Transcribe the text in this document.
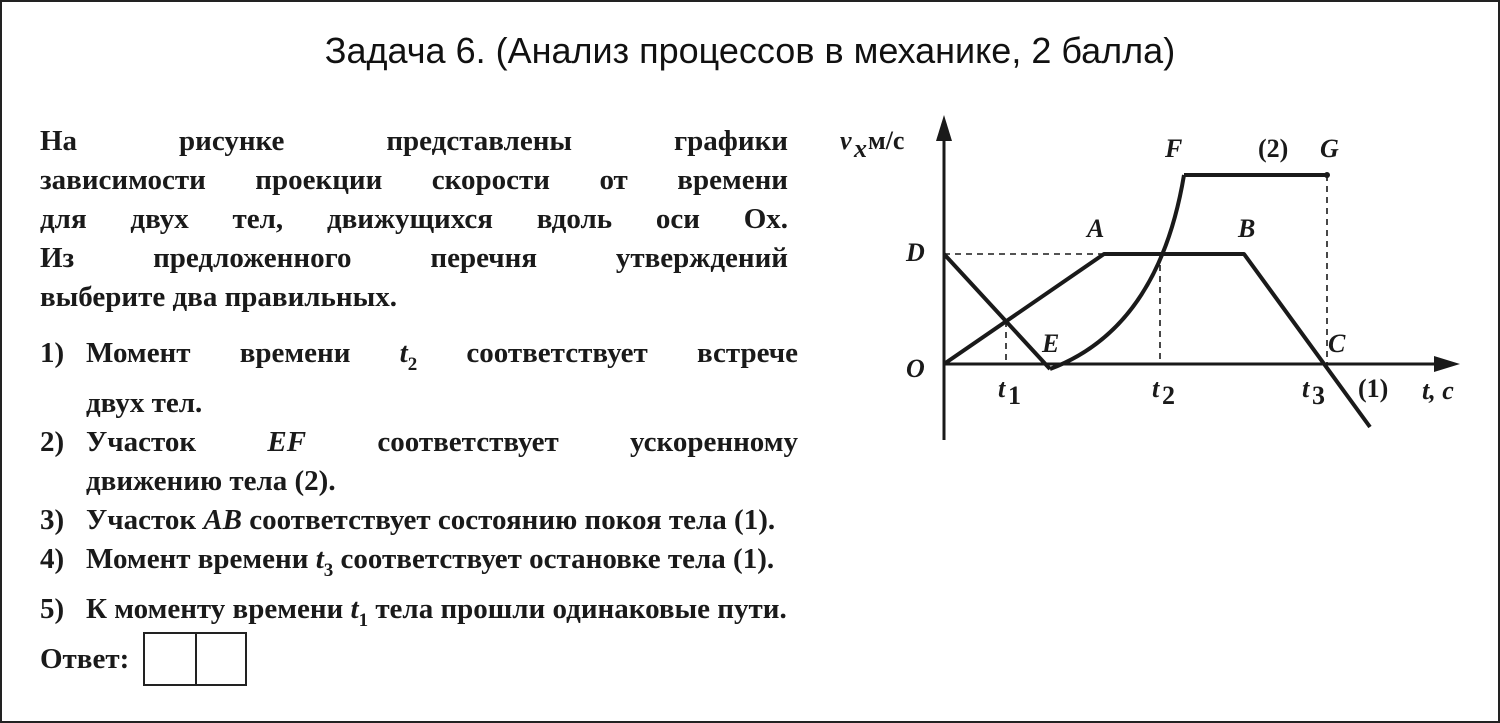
Задача 6. (Анализ процессов в механике, 2 балла)
На рисунке представлены графики
зависимости проекции скорости от времени
для двух тел, движущихся вдоль оси Ox.
Из предложенного перечня утверждений
выберите два правильных.
1) Момент времени $t_2$ соответствует встрече
двух тел.
2) Участок EF соответствует ускоренному
движению тела (2).
3) Участок AB соответствует состоянию покоя тела (1).
4) Момент времени $t_3$ соответствует остановке тела (1).
5) К моменту времени $t_1$ тела прошли одинаковые пути.
Ответ:
v x м/с
O
D
A	B
C
E
F	G
(2)
(1)
t 1	t 2	t 3	t, с
